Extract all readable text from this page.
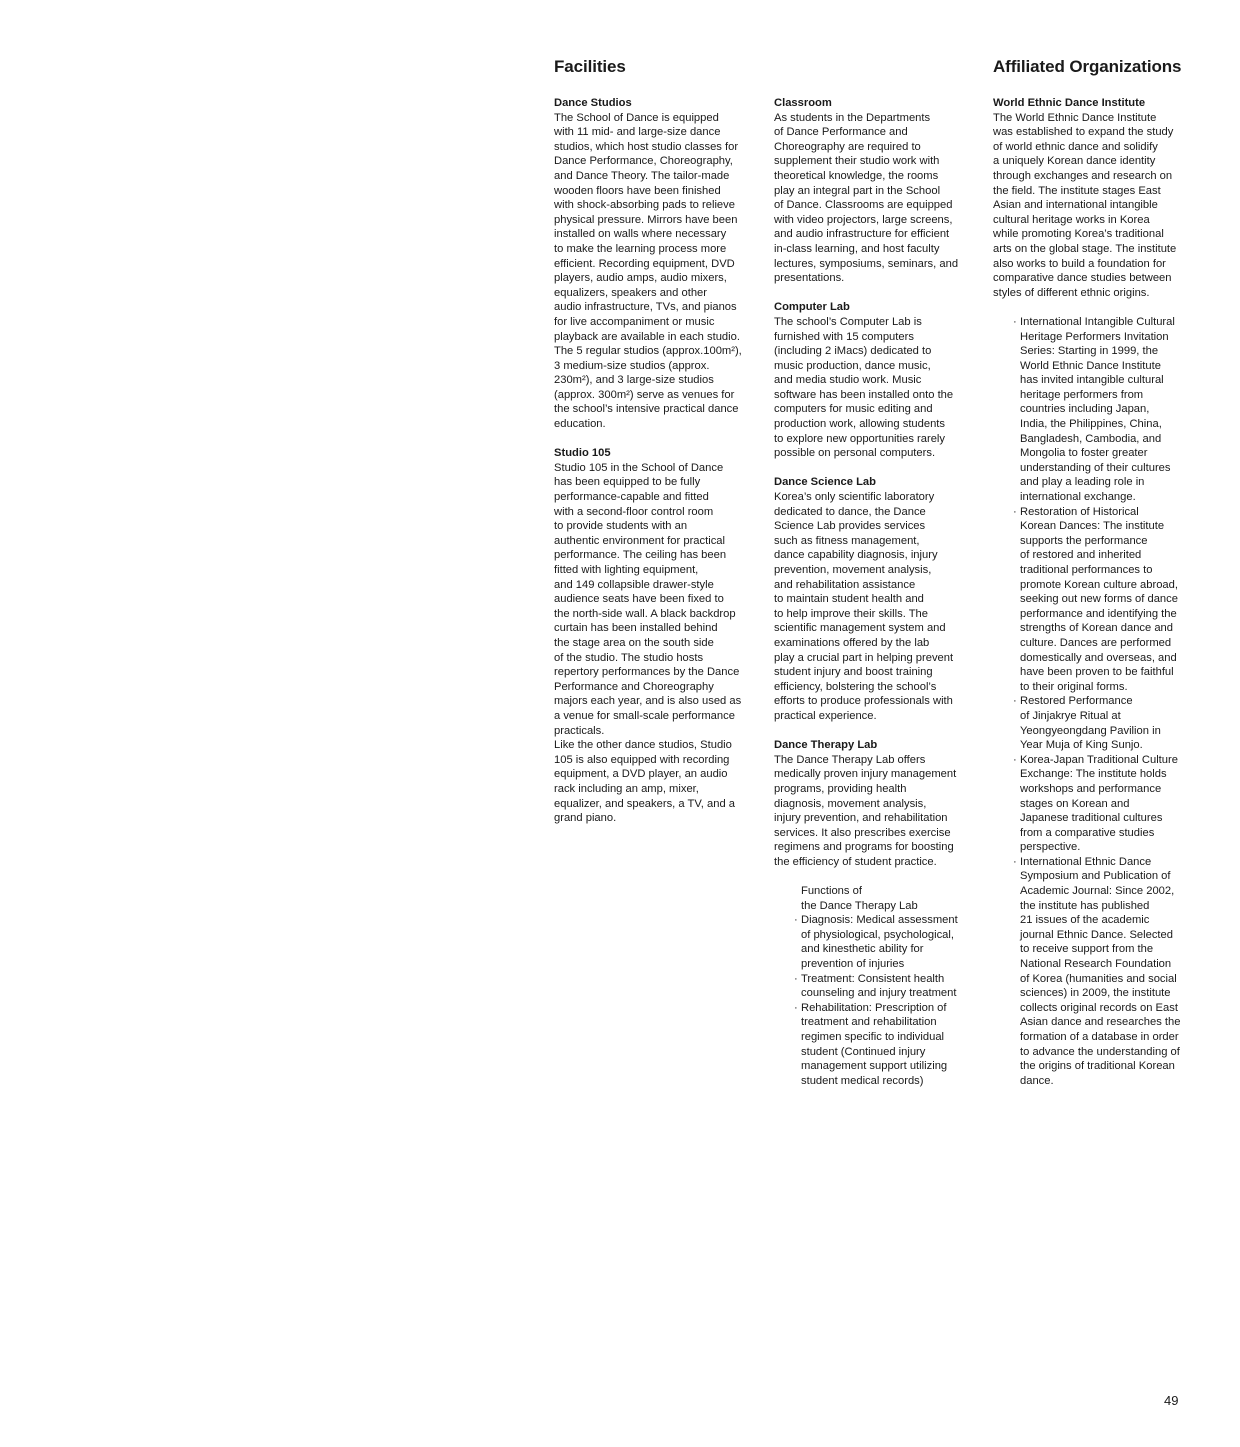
Facilities	Affiliated Organizations

Dance Studios

The School of Dance is equipped
with 11 mid- and large-size dance
studios, which host studio classes for
Dance Performance, Choreography,
and Dance Theory. The tailor-made
wooden floors have been finished
with shock-absorbing pads to relieve
physical pressure. Mirrors have been
installed on walls where necessary
to make the learning process more
efficient. Recording equipment, DVD
players, audio amps, audio mixers,
equalizers, speakers and other
audio infrastructure, TVs, and pianos
for live accompaniment or music
playback are available in each studio.
The 5 regular studios (approx.100m²),
3 medium-size studios (approx.
230m²), and 3 large-size studios
(approx. 300m²) serve as venues for
the school’s intensive practical dance
education.

Studio 105

Studio 105 in the School of Dance
has been equipped to be fully
performance-capable and fitted
with a second-floor control room
to provide students with an
authentic environment for practical
performance. The ceiling has been
fitted with lighting equipment,
and 149 collapsible drawer-style
audience seats have been fixed to
the north-side wall. A black backdrop
curtain has been installed behind
the stage area on the south side
of the studio. The studio hosts
repertory performances by the Dance
Performance and Choreography
majors each year, and is also used as
a venue for small-scale performance
practicals.
Like the other dance studios, Studio
105 is also equipped with recording
equipment, a DVD player, an audio
rack including an amp, mixer,
equalizer, and speakers, a TV, and a
grand piano.

Classroom

As students in the Departments
of Dance Performance and
Choreography are required to
supplement their studio work with
theoretical knowledge, the rooms
play an integral part in the School
of Dance. Classrooms are equipped
with video projectors, large screens,
and audio infrastructure for efficient
in-class learning, and host faculty
lectures, symposiums, seminars, and
presentations.

Computer Lab

The school’s Computer Lab is
furnished with 15 computers
(including 2 iMacs) dedicated to
music production, dance music,
and media studio work. Music
software has been installed onto the
computers for music editing and
production work, allowing students
to explore new opportunities rarely
possible on personal computers.

Dance Science Lab

Korea’s only scientific laboratory
dedicated to dance, the Dance
Science Lab provides services
such as fitness management,
dance capability diagnosis, injury
prevention, movement analysis,
and rehabilitation assistance
to maintain student health and
to help improve their skills. The
scientific management system and
examinations offered by the lab
play a crucial part in helping prevent
student injury and boost training
efficiency, bolstering the school’s
efforts to produce professionals with
practical experience.

Dance Therapy Lab

The Dance Therapy Lab offers
medically proven injury management
programs, providing health
diagnosis, movement analysis,
injury prevention, and rehabilitation
services. It also prescribes exercise
regimens and programs for boosting
the efficiency of student practice.
Functions of
the Dance Therapy Lab
· Diagnosis: Medical assessment
of physiological, psychological,
and kinesthetic ability for
prevention of injuries
· Treatment: Consistent health
counseling and injury treatment
· Rehabilitation: Prescription of
treatment and rehabilitation
regimen specific to individual
student (Continued injury
management support utilizing
student medical records)

World Ethnic Dance Institute

The World Ethnic Dance Institute
was established to expand the study
of world ethnic dance and solidify
a uniquely Korean dance identity
through exchanges and research on
the field. The institute stages East
Asian and international intangible
cultural heritage works in Korea
while promoting Korea’s traditional
arts on the global stage. The institute
also works to build a foundation for
comparative dance studies between
styles of different ethnic origins.
· International Intangible Cultural
Heritage Performers Invitation
Series: Starting in 1999, the
World Ethnic Dance Institute
has invited intangible cultural
heritage performers from
countries including Japan,
India, the Philippines, China,
Bangladesh, Cambodia, and
Mongolia to foster greater
understanding of their cultures
and play a leading role in
international exchange.
· Restoration of Historical
Korean Dances: The institute
supports the performance
of restored and inherited
traditional performances to
promote Korean culture abroad,
seeking out new forms of dance
performance and identifying the
strengths of Korean dance and
culture. Dances are performed
domestically and overseas, and
have been proven to be faithful
to their original forms.
· Restored Performance
of Jinjakrye Ritual at
Yeongyeongdang Pavilion in
Year Muja of King Sunjo.
· Korea-Japan Traditional Culture
Exchange: The institute holds
workshops and performance
stages on Korean and
Japanese traditional cultures
from a comparative studies
perspective.
· International Ethnic Dance
Symposium and Publication of
Academic Journal: Since 2002,
the institute has published
21 issues of the academic
journal Ethnic Dance. Selected
to receive support from the
National Research Foundation
of Korea (humanities and social
sciences) in 2009, the institute
collects original records on East
Asian dance and researches the
formation of a database in order
to advance the understanding of
the origins of traditional Korean
dance.
49
